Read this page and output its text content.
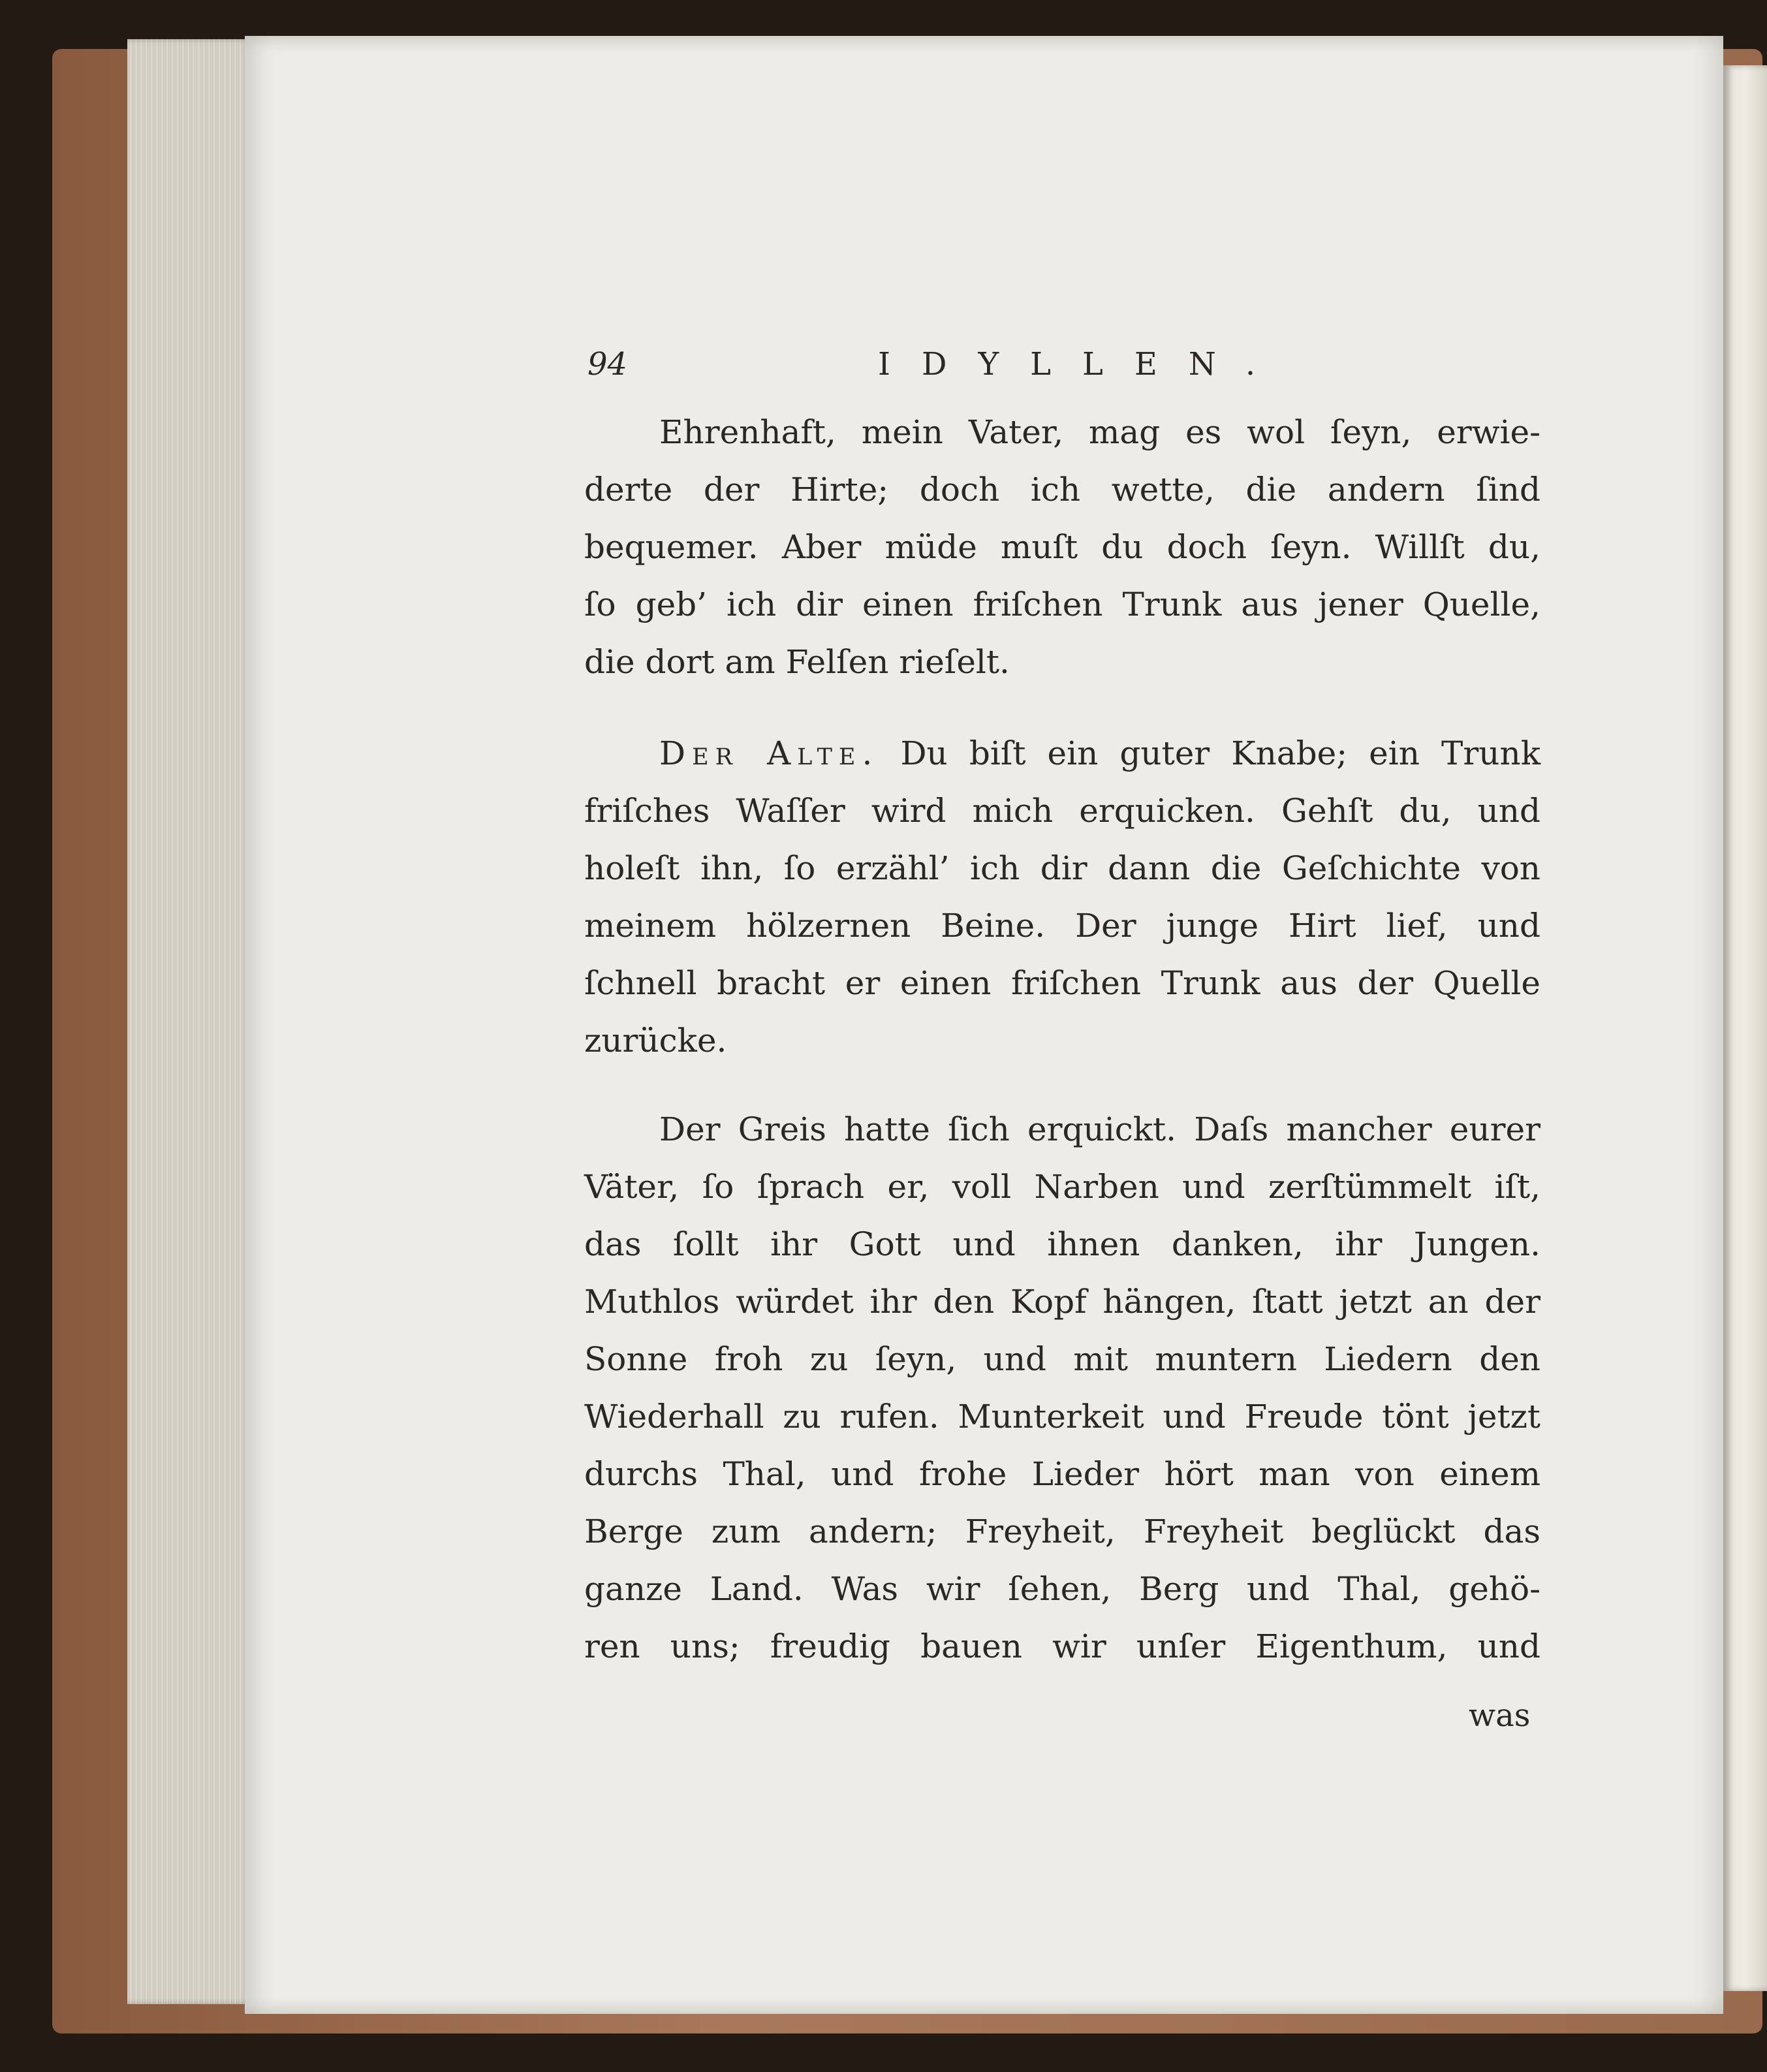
94	IDYLLEN.
Ehrenhaft, mein Vater, mag es wol ſeyn, erwie-
derte der Hirte; doch ich wette, die andern ſind
bequemer. Aber müde muſt du doch ſeyn. Willſt du,
ſo geb’ ich dir einen friſchen Trunk aus jener Quelle,
die dort am Felſen rieſelt.
Der Alte. Du biſt ein guter Knabe; ein Trunk
friſches Waſſer wird mich erquicken. Gehſt du, und
holeſt ihn, ſo erzähl’ ich dir dann die Geſchichte von
meinem hölzernen Beine. Der junge Hirt lief, und
ſchnell bracht er einen friſchen Trunk aus der Quelle
zurücke.
Der Greis hatte ſich erquickt. Daſs mancher eurer
Väter, ſo ſprach er, voll Narben und zerſtümmelt iſt,
das ſollt ihr Gott und ihnen danken, ihr Jungen.
Muthlos würdet ihr den Kopf hängen, ſtatt jetzt an der
Sonne froh zu ſeyn, und mit muntern Liedern den
Wiederhall zu rufen. Munterkeit und Freude tönt jetzt
durchs Thal, und frohe Lieder hört man von einem
Berge zum andern; Freyheit, Freyheit beglückt das
ganze Land. Was wir ſehen, Berg und Thal, gehö-
ren uns; freudig bauen wir unſer Eigenthum, und
was
